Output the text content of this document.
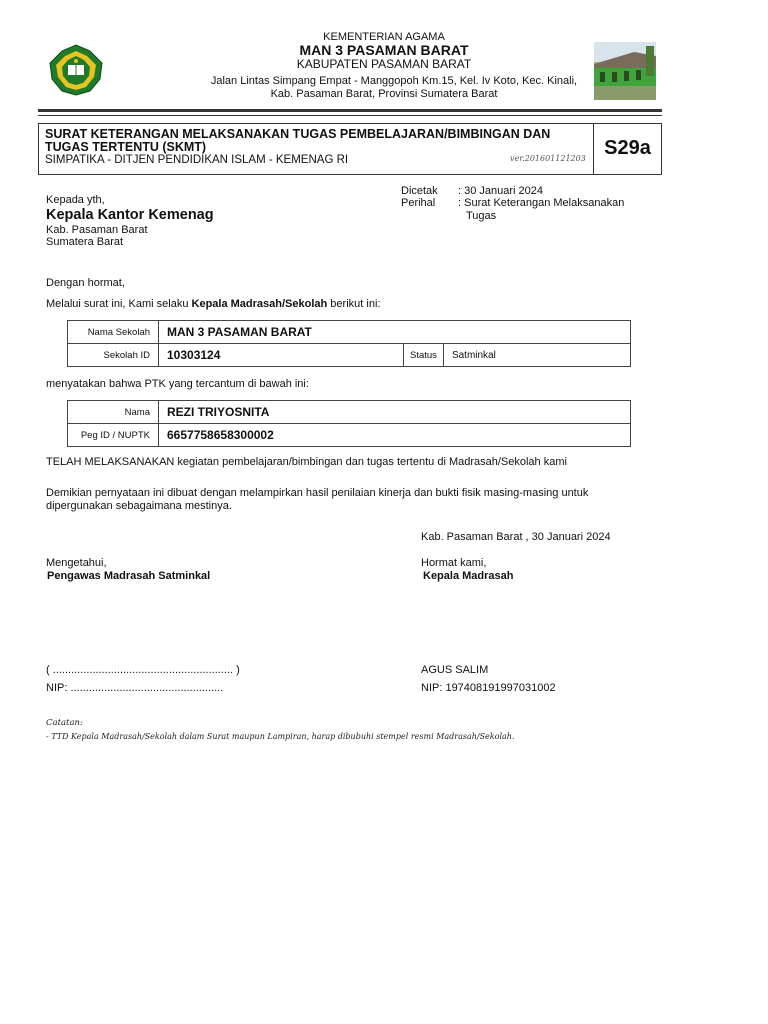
KEMENTERIAN AGAMA
MAN 3 PASAMAN BARAT
KABUPATEN PASAMAN BARAT
Jalan Lintas Simpang Empat - Manggopoh Km.15, Kel. Iv Koto, Kec. Kinali,
Kab. Pasaman Barat, Provinsi Sumatera Barat
SURAT KETERANGAN MELAKSANAKAN TUGAS PEMBELAJARAN/BIMBINGAN DAN
TUGAS TERTENTU (SKMT)
SIMPATIKA - DITJEN PENDIDIKAN ISLAM - KEMENAG RI	ver.201601121203 S29a
Dicetak : 30 Januari 2024
Perihal : Surat Keterangan Melaksanakan
Tugas
Kepada yth,
Kepala Kantor Kemenag
Kab. Pasaman Barat
Sumatera Barat
Dengan hormat,
Melalui surat ini, Kami selaku Kepala Madrasah/Sekolah berikut ini:
Nama Sekolah	MAN 3 PASAMAN BARAT		
Sekolah ID	10303124	Status	Satminkal
menyatakan bahwa PTK yang tercantum di bawah ini:
Nama	REZI TRIYOSNITA
Peg ID / NUPTK	6657758658300002
TELAH MELAKSANAKAN kegiatan pembelajaran/bimbingan dan tugas tertentu di Madrasah/Sekolah kami
Demikian pernyataan ini dibuat dengan melampirkan hasil penilaian kinerja dan bukti fisik masing-masing untuk
dipergunakan sebagaimana mestinya.
Kab. Pasaman Barat , 30 Januari 2024
Mengetahui,
Pengawas Madrasah Satminkal
Hormat kami,
Kepala Madrasah
( ........................................................... )
NIP: ..................................................
AGUS SALIM
NIP: 197408191997031002
Catatan:
- TTD Kepala Madrasah/Sekolah dalam Surat maupun Lampiran, harap dibubuhi stempel resmi Madrasah/Sekolah.
